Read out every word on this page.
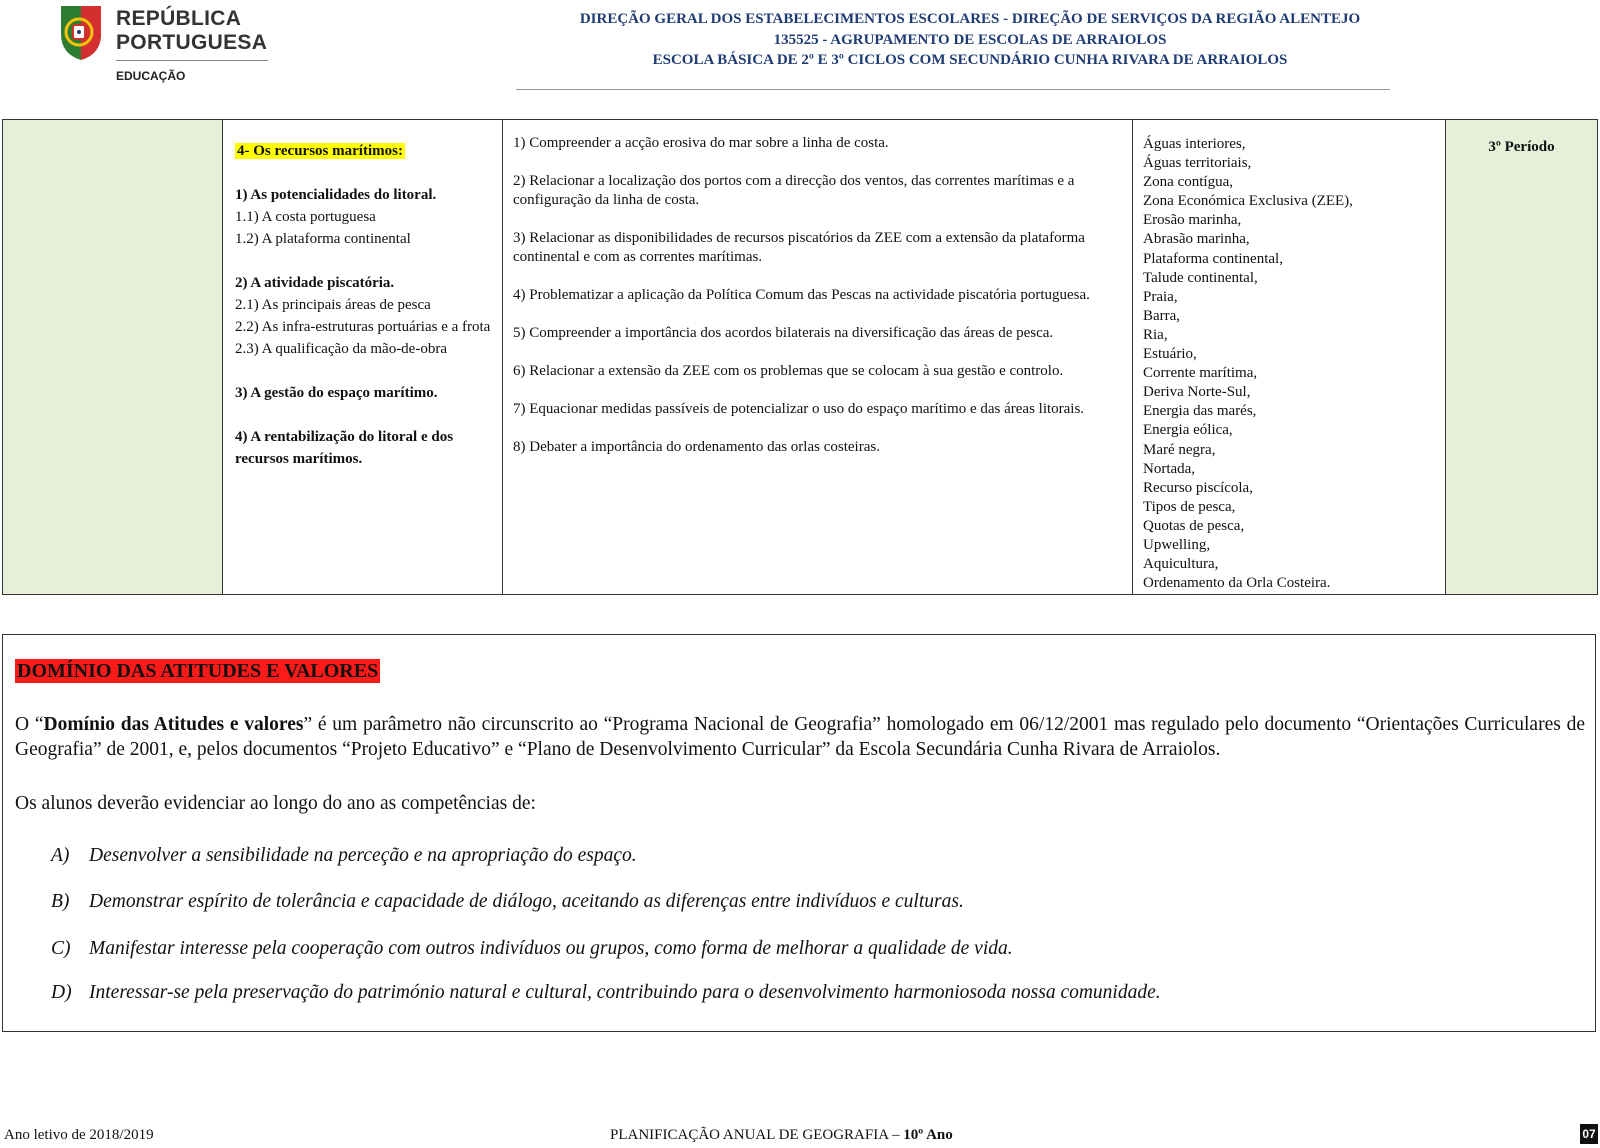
REPÚBLICA
PORTUGUESA
EDUCAÇÃO
DIREÇÃO GERAL DOS ESTABELECIMENTOS ESCOLARES - DIREÇÃO DE SERVIÇOS DA REGIÃO ALENTEJO
135525 - AGRUPAMENTO DE ESCOLAS DE ARRAIOLOS
ESCOLA BÁSICA DE 2º E 3º CICLOS COM SECUNDÁRIO CUNHA RIVARA DE ARRAIOLOS
4- Os recursos marítimos:
1) As potencialidades do litoral.
1.1) A costa portuguesa
1.2) A plataforma continental
2) A atividade piscatória.
2.1) As principais áreas de pesca
2.2) As infra-estruturas portuárias e a frota
2.3) A qualificação da mão-de-obra
3) A gestão do espaço marítimo.
4) A rentabilização do litoral e dos recursos marítimos.

1) Compreender a acção erosiva do mar sobre a linha de costa.

2) Relacionar a localização dos portos com a direcção dos ventos, das correntes marítimas e a configuração da linha de costa.

3) Relacionar as disponibilidades de recursos piscatórios da ZEE com a extensão da plataforma continental e com as correntes marítimas.

4) Problematizar a aplicação da Política Comum das Pescas na actividade piscatória portuguesa.

5) Compreender a importância dos acordos bilaterais na diversificação das áreas de pesca.

6) Relacionar a extensão da ZEE com os problemas que se colocam à sua gestão e controlo.

7) Equacionar medidas passíveis de potencializar o uso do espaço marítimo e das áreas litorais.

8) Debater a importância do ordenamento das orlas costeiras.

Águas interiores,
Águas territoriais,
Zona contígua,
Zona Económica Exclusiva (ZEE),
Erosão marinha,
Abrasão marinha,
Plataforma continental,
Talude continental,
Praia,
Barra,
Ria,
Estuário,
Corrente marítima,
Deriva Norte-Sul,
Energia das marés,
Energia eólica,
Maré negra,
Nortada,
Recurso piscícola,
Tipos de pesca,
Quotas de pesca,
Upwelling,
Aquicultura,
Ordenamento da Orla Costeira.
3º Período
DOMÍNIO DAS ATITUDES E VALORES
O “Domínio das Atitudes e valores” é um parâmetro não circunscrito ao “Programa Nacional de Geografia” homologado em 06/12/2001 mas regulado pelo documento “Orientações Curriculares de Geografia” de 2001, e, pelos documentos “Projeto Educativo” e “Plano de Desenvolvimento Curricular” da Escola Secundária Cunha Rivara de Arraiolos.
Os alunos deverão evidenciar ao longo do ano as competências de:
A) Desenvolver a sensibilidade na perceção e na apropriação do espaço.
B) Demonstrar espírito de tolerância e capacidade de diálogo, aceitando as diferenças entre indivíduos e culturas.
C) Manifestar interesse pela cooperação com outros indivíduos ou grupos, como forma de melhorar a qualidade de vida.
D) Interessar-se pela preservação do património natural e cultural, contribuindo para o desenvolvimento harmoniosoda nossa comunidade.
Ano letivo de 2018/2019	PLANIFICAÇÃO ANUAL DE GEOGRAFIA – 10º Ano	07
